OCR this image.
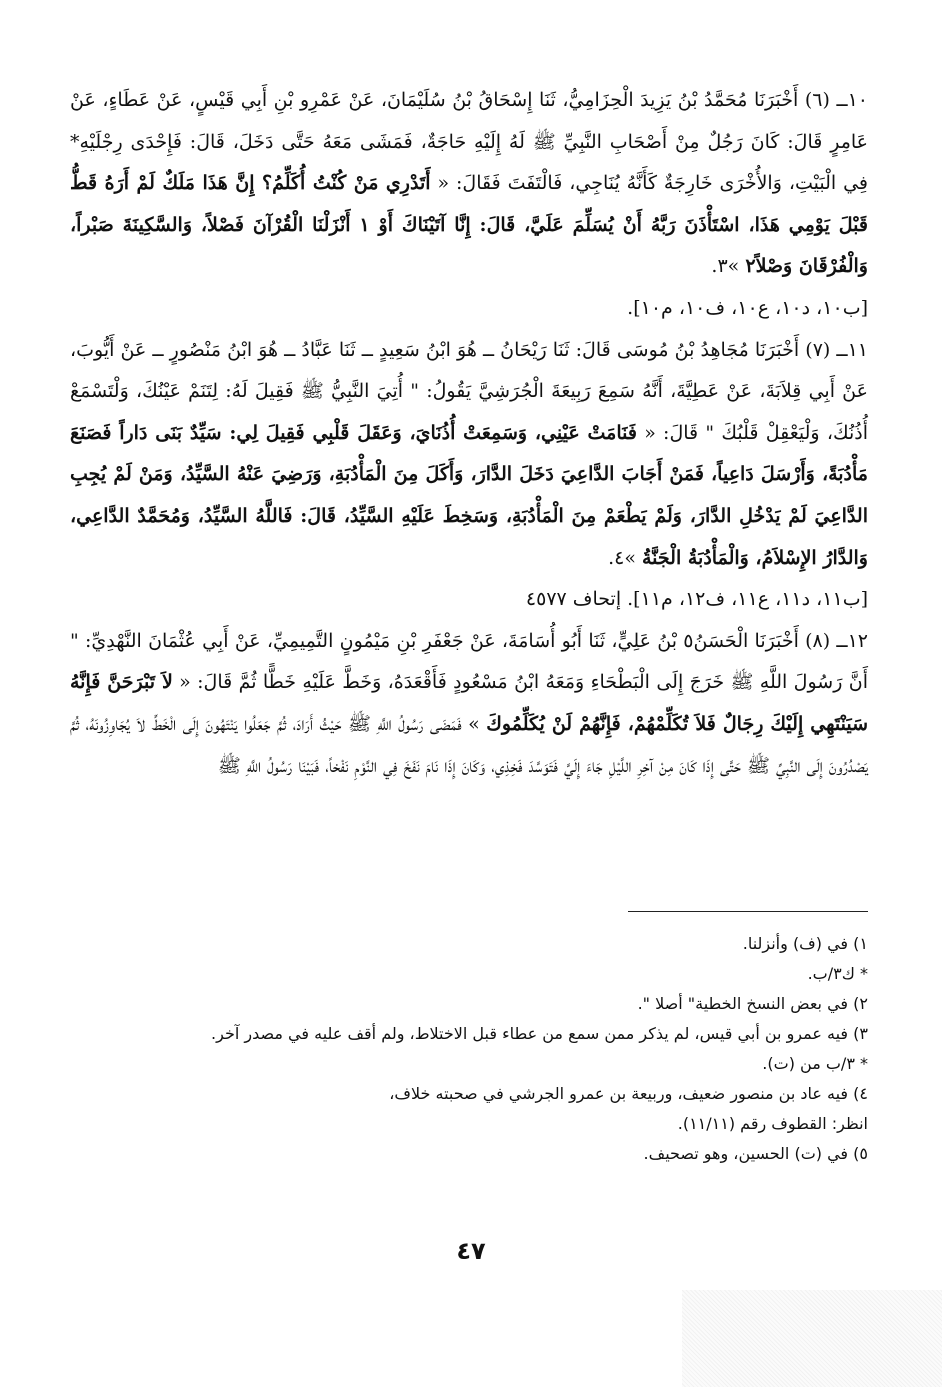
١٠ــ (٦) أَخْبَرَنَا مُحَمَّدُ بْنُ يَزِيدَ الْحِزَامِيُّ، ثَنَا إِسْحَاقُ بْنُ سُلَيْمَانَ، عَنْ عَمْرِو بْنِ أَبِي قَيْسٍ، عَنْ عَطَاءٍ، عَنْ عَامِرٍ قَالَ: كَانَ رَجُلٌ مِنْ أَصْحَابِ النَّبِيِّ ﷺ لَهُ إِلَيْهِ حَاجَةٌ، فَمَشَى مَعَهُ حَتَّى دَخَلَ، قَالَ: فَإِحْدَى رِجْلَيْهِ* فِي الْبَيْتِ، وَالأُخْرَى خَارِجَةٌ كَأَنَّهُ يُنَاجِي، فَالْتَفَتَ فَقَالَ: « أَتَدْرِي مَنْ كُنْتُ أُكَلِّمُ؟ إِنَّ هَذَا مَلَكٌ لَمْ أَرَهُ قَطُّ قَبْلَ يَوْمِي هَذَا، اسْتَأْذَنَ رَبَّهُ أَنْ يُسَلِّمَ عَلَيَّ، قَالَ: إِنَّا آتَيْنَاكَ أَوْ ١ أَنْزَلْنَا الْقُرْآنَ فَصْلاً، وَالسَّكِينَةَ صَبْراً، وَالْفُرْقَانَ وَصْلاً٢ »٣.

[ب١٠، د١٠، ع١٠، ف١٠، م١٠].

١١ــ (٧) أَخْبَرَنَا مُجَاهِدُ بْنُ مُوسَى قَالَ: ثَنَا رَيْحَانُ ــ هُوَ ابْنُ سَعِيدٍ ــ ثَنَا عَبَّادُ ــ هُوَ ابْنُ مَنْصُورٍ ــ عَنْ أَيُّوبَ، عَنْ أَبِي قِلاَبَةَ، عَنْ عَطِيَّةَ، أَنَّهُ سَمِعَ رَبِيعَةَ الْجُرَشِيَّ يَقُولُ: " أُتِيَ النَّبِيُّ ﷺ فَقِيلَ لَهُ: لِتَنَمْ عَيْنُكَ، وَلْتَسْمَعْ أُذُنُكَ، وَلْيَعْقِلْ قَلْبُكَ " قَالَ: « فَنَامَتْ عَيْنِي، وَسَمِعَتْ أُذُنَايَ، وَعَقَلَ قَلْبِي فَقِيلَ لِي: سَيِّدٌ بَنَى دَاراً فَصَنَعَ مَأْدُبَةً، وَأَرْسَلَ دَاعِياً، فَمَنْ أَجَابَ الدَّاعِيَ دَخَلَ الدَّارَ، وَأَكَلَ مِنَ الْمَأْدُبَةِ، وَرَضِيَ عَنْهُ السَّيِّدُ، وَمَنْ لَمْ يُجِبِ الدَّاعِيَ لَمْ يَدْخُلِ الدَّارَ، وَلَمْ يَطْعَمْ مِنَ الْمَأْدُبَةِ، وَسَخِطَ عَلَيْهِ السَّيِّدُ، قَالَ: فَاللَّهُ السَّيِّدُ، وَمُحَمَّدٌ الدَّاعِي، وَالدَّارُ الإِسْلاَمُ، وَالْمَأْدُبَةُ الْجَنَّةُ »٤.

[ب١١، د١١، ع١١، ف١٢، م١١]. إتحاف ٤٥٧٧

١٢ــ (٨) أَخْبَرَنَا الْحَسَنُ٥ بْنُ عَلِيٍّ، ثَنَا أَبُو أُسَامَةَ، عَنْ جَعْفَرِ بْنِ مَيْمُونٍ التَّمِيمِيِّ، عَنْ أَبِي عُثْمَانَ النَّهْدِيِّ: " أَنَّ رَسُولَ اللَّهِ ﷺ خَرَجَ إِلَى الْبَطْحَاءِ وَمَعَهُ ابْنُ مَسْعُودٍ فَأَقْعَدَهُ، وَخَطَّ عَلَيْهِ خَطًّا ثُمَّ قَالَ: « لاَ تَبْرَحَنَّ فَإِنَّهُ سَيَنْتَهِي إِلَيْكَ رِجَالٌ فَلاَ تُكَلِّمْهُمْ، فَإِنَّهُمْ لَنْ يُكَلِّمُوكَ » فَمَضَى رَسُولُ اللَّهِ ﷺ حَيْثُ أَرَادَ، ثُمَّ جَعَلُوا يَنْتَهُونَ إِلَى الْخَطِّ لاَ يُجَاوِزُونَهُ، ثُمَّ يَصْدُرُونَ إِلَى النَّبِيِّ ﷺ حَتَّى إِذَا كَانَ مِنْ آخِرِ اللَّيْلِ جَاءَ إِلَيَّ فَتَوَسَّدَ فَخِذِي، وَكَانَ إِذَا نَامَ نَفَخَ فِي النَّوْمِ نَفْخاً، فَبَيْنَا رَسُولُ اللَّهِ ﷺ

١) في (ف) وأنزلنا.

* ك٣/ب.

٢) في بعض النسخ الخطية" أصلا ".

٣) فيه عمرو بن أبي قيس، لم يذكر ممن سمع من عطاء قبل الاختلاط، ولم أقف عليه في مصدر آخر.

* ٣/ب من (ت).

٤) فيه عاد بن منصور ضعيف، وربيعة بن عمرو الجرشي في صحبته خلاف،

انظر: القطوف رقم (١١/١١).

٥) في (ت) الحسين، وهو تصحيف.

٤٧
